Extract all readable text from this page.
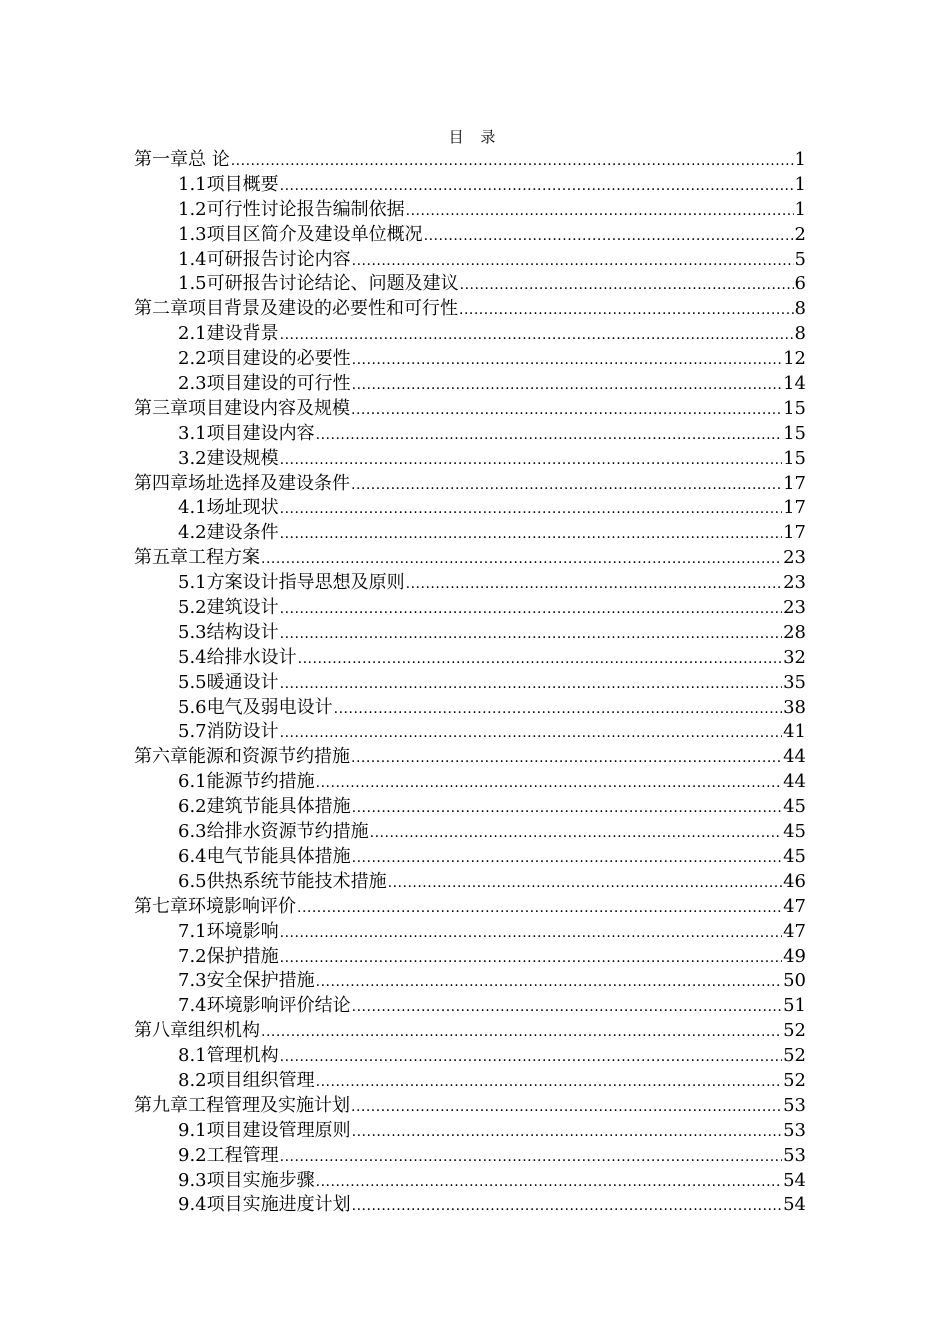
目 录
第一章 总 论 .....	1
1.1 项目概要 .....	1
1.2 可行性讨论报告编制依据 .....	1
1.3 项目区简介及建设单位概况 .....	2
1.4 可研报告讨论内容 .....	5
1.5 可研报告讨论结论、问题及建议 .....	6
第二章 项目背景及建设的必要性和可行性 .....	8
2.1 建设背景 .....	8
2.2 项目建设的必要性 .....	12
2.3 项目建设的可行性 .....	14
第三章 项目建设内容及规模 .....	15
3.1 项目建设内容 .....	15
3.2 建设规模 .....	15
第四章 场址选择及建设条件 .....	17
4.1 场址现状 .....	17
4.2 建设条件 .....	17
第五章 工程方案 .....	23
5.1 方案设计指导思想及原则 .....	23
5.2 建筑设计 .....	23
5.3 结构设计 .....	28
5.4 给排水设计 .....	32
5.5 暖通设计 .....	35
5.6 电气及弱电设计 .....	38
5.7 消防设计 .....	41
第六章 能源和资源节约措施 .....	44
6.1 能源节约措施 .....	44
6.2 建筑节能具体措施 .....	45
6.3 给排水资源节约措施 .....	45
6.4 电气节能具体措施 .....	45
6.5 供热系统节能技术措施 .....	46
第七章 环境影响评价 .....	47
7.1 环境影响 .....	47
7.2 保护措施 .....	49
7.3 安全保护措施 .....	50
7.4 环境影响评价结论 .....	51
第八章 组织机构 .....	52
8.1 管理机构 .....	52
8.2 项目组织管理 .....	52
第九章 工程管理及实施计划 .....	53
9.1 项目建设管理原则 .....	53
9.2 工程管理 .....	53
9.3 项目实施步骤 .....	54
9.4 项目实施进度计划 .....	54
